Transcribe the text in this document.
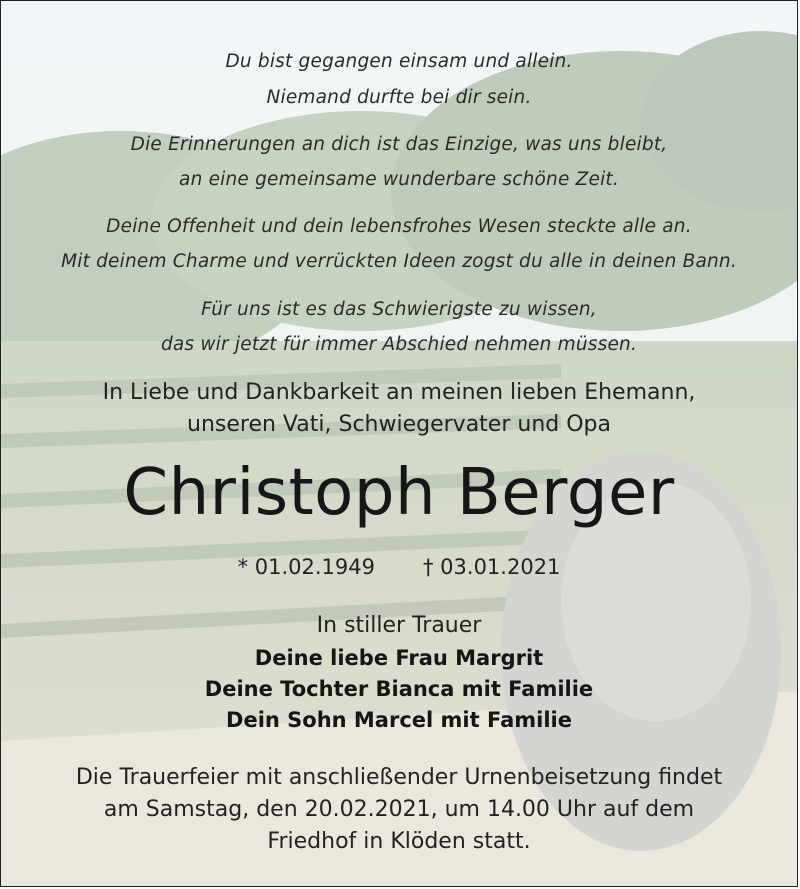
Du bist gegangen einsam und allein.
Niemand durfte bei dir sein.
Die Erinnerungen an dich ist das Einzige, was uns bleibt,
an eine gemeinsame wunderbare schöne Zeit.
Deine Offenheit und dein lebensfrohes Wesen steckte alle an.
Mit deinem Charme und verrückten Ideen zogst du alle in deinen Bann.
Für uns ist es das Schwierigste zu wissen,
das wir jetzt für immer Abschied nehmen müssen.
In Liebe und Dankbarkeit an meinen lieben Ehemann,
unseren Vati, Schwiegervater und Opa
Christoph Berger
* 01.02.1949 † 03.01.2021
In stiller Trauer
Deine liebe Frau Margrit
Deine Tochter Bianca mit Familie
Dein Sohn Marcel mit Familie
Die Trauerfeier mit anschließender Urnenbeisetzung findet
am Samstag, den 20.02.2021, um 14.00 Uhr auf dem
Friedhof in Klöden statt.
